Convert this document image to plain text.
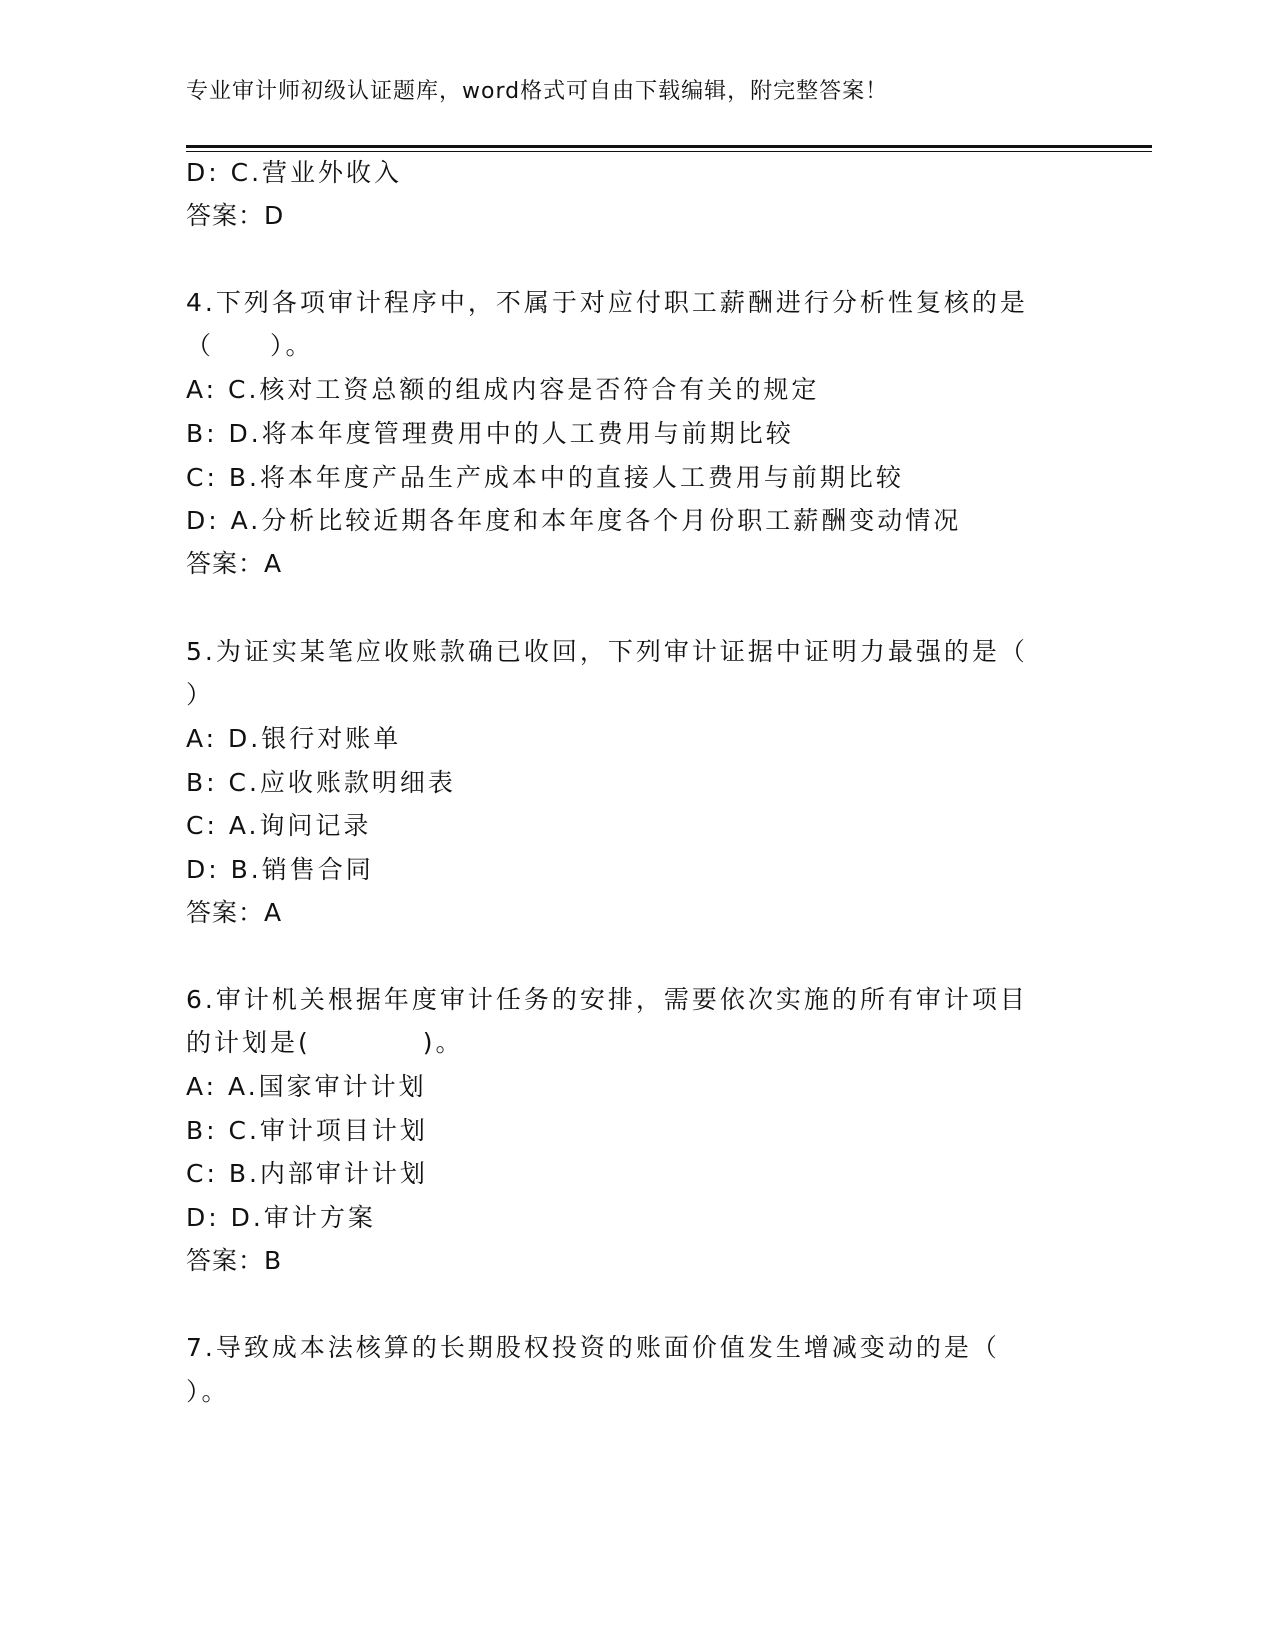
专业审计师初级认证题库，word格式可自由下载编辑，附完整答案！
D: C.营业外收入
答案：D
4.下列各项审计程序中，不属于对应付职工薪酬进行分析性复核的是
（　　）。
A: C.核对工资总额的组成内容是否符合有关的规定
B: D.将本年度管理费用中的人工费用与前期比较
C: B.将本年度产品生产成本中的直接人工费用与前期比较
D: A.分析比较近期各年度和本年度各个月份职工薪酬变动情况
答案：A
5.为证实某笔应收账款确已收回，下列审计证据中证明力最强的是（
）
A: D.银行对账单
B: C.应收账款明细表
C: A.询问记录
D: B.销售合同
答案：A
6.审计机关根据年度审计任务的安排，需要依次实施的所有审计项目
的计划是(　　　　)。
A: A.国家审计计划
B: C.审计项目计划
C: B.内部审计计划
D: D.审计方案
答案：B
7.导致成本法核算的长期股权投资的账面价值发生增减变动的是（
）。
